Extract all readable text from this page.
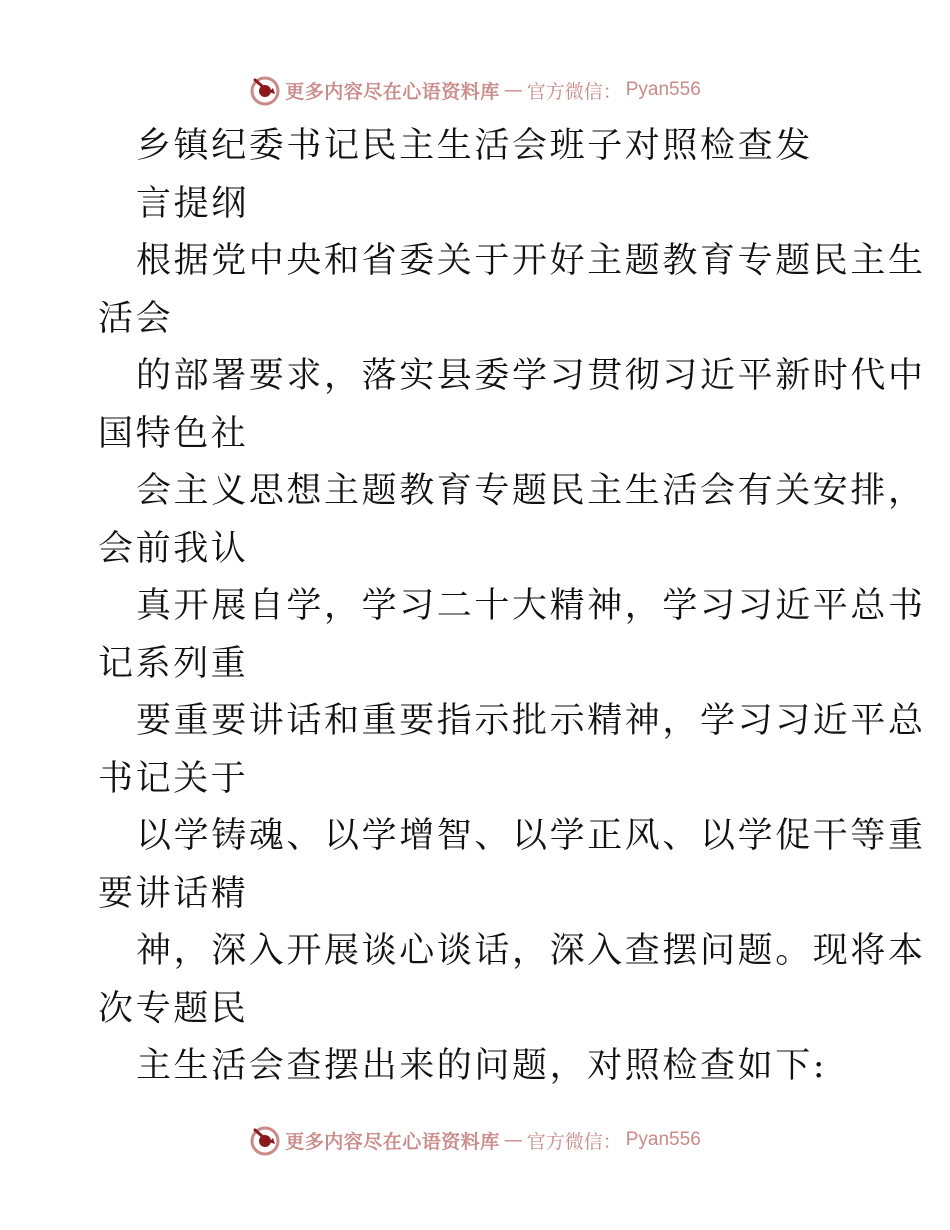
更多内容尽在心语资料库 — 官方微信： Pyan556
乡镇纪委书记民主生活会班子对照检查发
言提纲
根据党中央和省委关于开好主题教育专题民主生
活会
的部署要求，落实县委学习贯彻习近平新时代中
国特色社
会主义思想主题教育专题民主生活会有关安排，
会前我认
真开展自学，学习二十大精神，学习习近平总书
记系列重
要重要讲话和重要指示批示精神，学习习近平总
书记关于
以学铸魂、以学增智、以学正风、以学促干等重
要讲话精
神，深入开展谈心谈话，深入查摆问题。现将本
次专题民
主生活会查摆出来的问题，对照检查如下:
更多内容尽在心语资料库 — 官方微信： Pyan556
